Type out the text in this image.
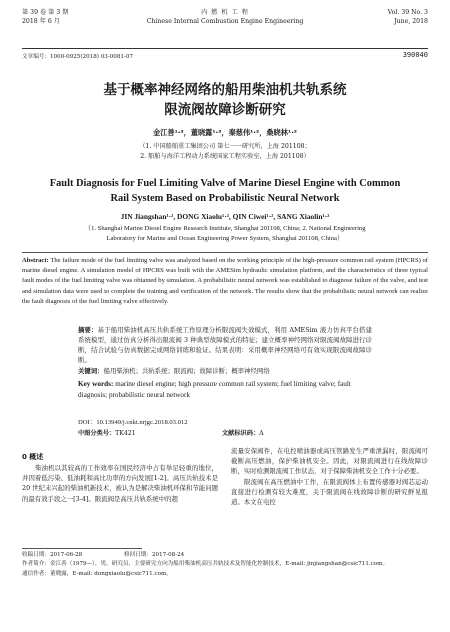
第 39 卷 第 3 期
2018 年 6 月
内 燃 机 工 程
Chinese Internal Combustion Engine Engineering
Vol. 39 No. 3
June, 2018
文章编号：1000-0925(2018) 03-0081-07	390040
基于概率神经网络的船用柴油机共轨系统
限流阀故障诊断研究
金江善¹·²，董晓露¹·²，秦慈伟¹·²，桑晓林¹·²
（1. 中国船舶重工集团公司 第七一一研究所，上海 201108；
2. 船舶与海洋工程动力系统国家工程实验室，上海 201108）
Fault Diagnosis for Fuel Limiting Valve of Marine Diesel Engine with Common
Rail System Based on Probabilistic Neural Network
JIN Jiangshan¹·², DONG Xiaolu¹·², QIN Ciwei¹·², SANG Xiaolin¹·²
（1. Shanghai Marine Diesel Engine Research Institute, Shanghai 201108, China; 2. National Engineering
Laboratory for Marine and Ocean Engineering Power System, Shanghai 201108, China）
Abstract: The failure mode of the fuel limiting valve was analyzed based on the working principle of the high-pressure common rail system (HPCRS) of marine diesel engine. A simulation model of HPCRS was built with the AMESim hydraulic simulation platform, and the characteristics of three typical fault modes of the fuel limiting valve was obtained by simulation. A probabilistic neural network was established to diagnose failure of the valve, and test and simulation data were used to complete the training and verification of the network. The results show that the probabilistic neural network can realize the fault diagnosis of the fuel limiting valve effectively.
摘要：基于船用柴油机高压共轨系统工作原理分析限流阀失效模式，利用 AMESim 液力仿真平台搭建系统模型，通过仿真分析得出限流阀 3 种典型故障模式的特征；建立概率神经网络对限流阀故障进行诊断，结合试验与仿真数据完成网络训练和验证。结果表明：采用概率神经网络可有效实现限流阀故障诊断。
关键词：船用柴油机；共轨系统；限流阀；故障诊断；概率神经网络
Key words: marine diesel engine; high pressure common rail system; fuel limiting valve; fault diagnosis; probabilistic neural network
DOI：10.13949/j.cnki.nrjgc.2018.03.012
中图分类号：TK421	文献标识码：A
0 概述
柴油机以其较高的工作效率在国民经济中占有举足轻重的地位，并因着低污染、低油耗和高比功率的方向发展[1-2]。高压共轨技术是 20 世纪末兴起的柴油机新技术，被认为是解决柴油机环保和节能问题的最有效手段之一[3-4]。限流阀是高压共轨系统中的超

流量安保阀件，在电控喷油器或高压管路发生严重泄漏时，限流阀可截断高压燃油，保护柴油机安全。因此，对限流阀进行在线故障诊断，实时检测限流阀工作状态，对于保障柴油机安全工作十分必要。

限流阀在高压燃油中工作，在限流阀体上布置传感器对阀芯运动直接进行检测有较大难度，关于限流阀在线故障诊断的研究鲜见报道。本文在电控

收稿日期：2017-06-28	修回日期：2017-08-24
作者简介：金江善（1979—），男，研究员，主要研究方向为船用柴油机高压共轨技术及智能化控制技术，E-mail: jinjiangshan@csic711.com。
通信作者：董晓露，E-mail: dongxiaolu@csic711.com。
